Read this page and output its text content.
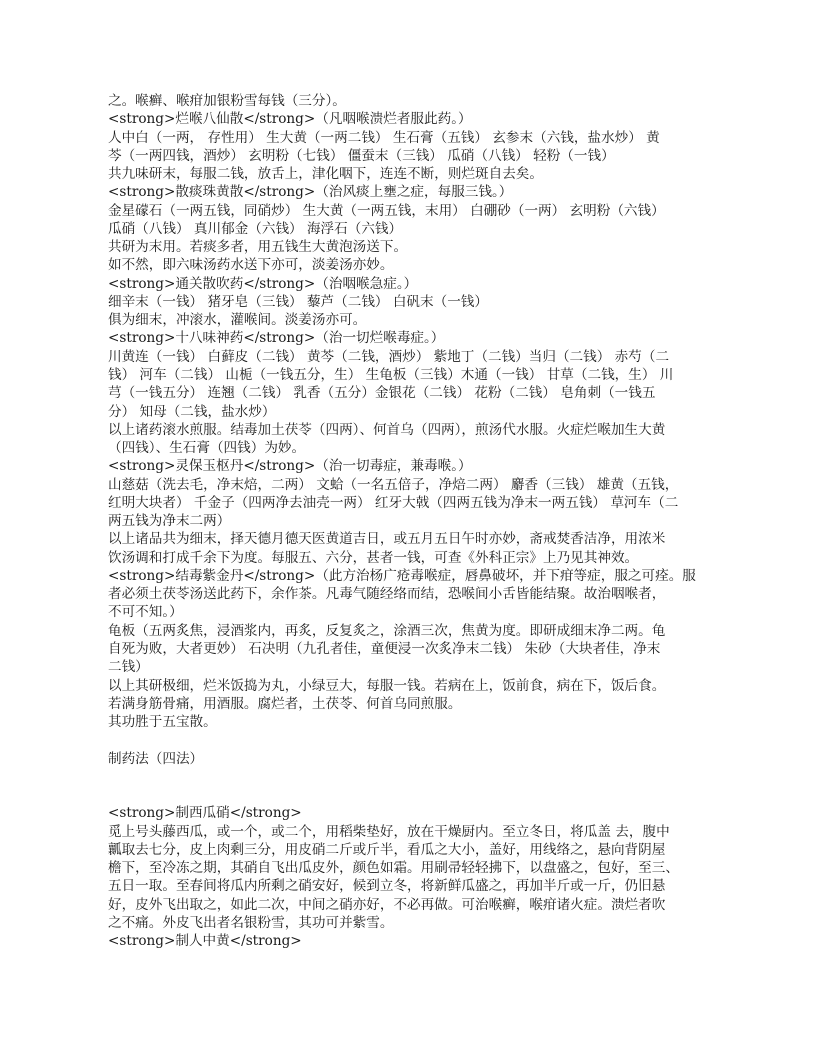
之。喉癣、喉疳加银粉雪每钱（三分）。
<strong>烂喉八仙散</strong>（凡咽喉溃烂者服此药。）
人中白（一两， 存性用） 生大黄（一两二钱） 生石膏（五钱） 玄参末（六钱，盐水炒） 黄
芩（一两四钱，酒炒） 玄明粉（七钱） 僵蚕末（三钱） 瓜硝（八钱） 轻粉（一钱）
共九味研末，每服二钱，放舌上，津化咽下，连连不断，则烂斑自去矣。
<strong>散痰珠黄散</strong>（治风痰上壅之症，每服三钱。）
金星礞石（一两五钱，同硝炒） 生大黄（一两五钱，末用） 白硼砂（一两） 玄明粉（六钱）
瓜硝（八钱） 真川郁金（六钱） 海浮石（六钱）
共研为末用。若痰多者，用五钱生大黄泡汤送下。
如不然，即六味汤药水送下亦可，淡姜汤亦妙。
<strong>通关散吹药</strong>（治咽喉急症。）
细辛末（一钱） 猪牙皂（三钱） 藜芦（二钱） 白矾末（一钱）
俱为细末，冲滚水，灌喉间。淡姜汤亦可。
<strong>十八味神药</strong>（治一切烂喉毒症。）
川黄连（一钱） 白藓皮（二钱） 黄芩（二钱，酒炒） 紫地丁（二钱）当归（二钱） 赤芍（二
钱） 河车（二钱） 山栀（一钱五分，生） 生龟板（三钱）木通（一钱） 甘草（二钱，生） 川
芎（一钱五分） 连翘（二钱） 乳香（五分）金银花（二钱） 花粉（二钱） 皂角刺（一钱五
分） 知母（二钱，盐水炒）
以上诸药滚水煎服。结毒加土茯苓（四两）、何首乌（四两），煎汤代水服。火症烂喉加生大黄
（四钱）、生石膏（四钱）为妙。
<strong>灵保玉枢丹</strong>（治一切毒症，兼毒喉。）
山慈菇（洗去毛，净末焙，二两） 文蛤（一名五倍子，净焙二两） 麝香（三钱） 雄黄（五钱，
红明大块者） 千金子（四两净去油壳一两） 红牙大戟（四两五钱为净末一两五钱） 草河车（二
两五钱为净末二两）
以上诸品共为细末，择天德月德天医黄道吉日，或五月五日午时亦妙，斋戒焚香洁净，用浓米
饮汤调和打成千余下为度。每服五、六分，甚者一钱，可查《外科正宗》上乃见其神效。
<strong>结毒紫金丹</strong>（此方治杨广疮毒喉症，唇鼻破坏，并下疳等症，服之可痊。服
者必须土茯苓汤送此药下，余作茶。凡毒气随经络而结，恐喉间小舌皆能结聚。故治咽喉者，
不可不知。）
龟板（五两炙焦，浸酒浆内，再炙，反复炙之，涂酒三次，焦黄为度。即研成细末净二两。龟
自死为败，大者更妙） 石决明（九孔者佳，童便浸一次炙净末二钱） 朱砂（大块者佳，净末
二钱）
以上其研极细，烂米饭捣为丸，小绿豆大，每服一钱。若病在上，饭前食，病在下，饭后食。
若满身筋骨痛，用酒服。腐烂者，土茯苓、何首乌同煎服。
其功胜于五宝散。
制药法（四法）
<strong>制西瓜硝</strong>
觅上号头藤西瓜，或一个，或二个，用稻柴垫好，放在干燥厨内。至立冬日，将瓜盖 去，腹中
瓤取去七分，皮上肉剩三分，用皮硝二斤或斤半，看瓜之大小，盖好，用线络之，悬向背阴屋
檐下，至冷冻之期，其硝自飞出瓜皮外，颜色如霜。用刷帚轻轻拂下，以盘盛之，包好，至三、
五日一取。至春间将瓜内所剩之硝安好，候到立冬，将新鲜瓜盛之，再加半斤或一斤，仍旧悬
好，皮外飞出取之，如此二次，中间之硝亦好，不必再做。可治喉癣，喉疳诸火症。溃烂者吹
之不痛。外皮飞出者名银粉雪，其功可并紫雪。
<strong>制人中黄</strong>
